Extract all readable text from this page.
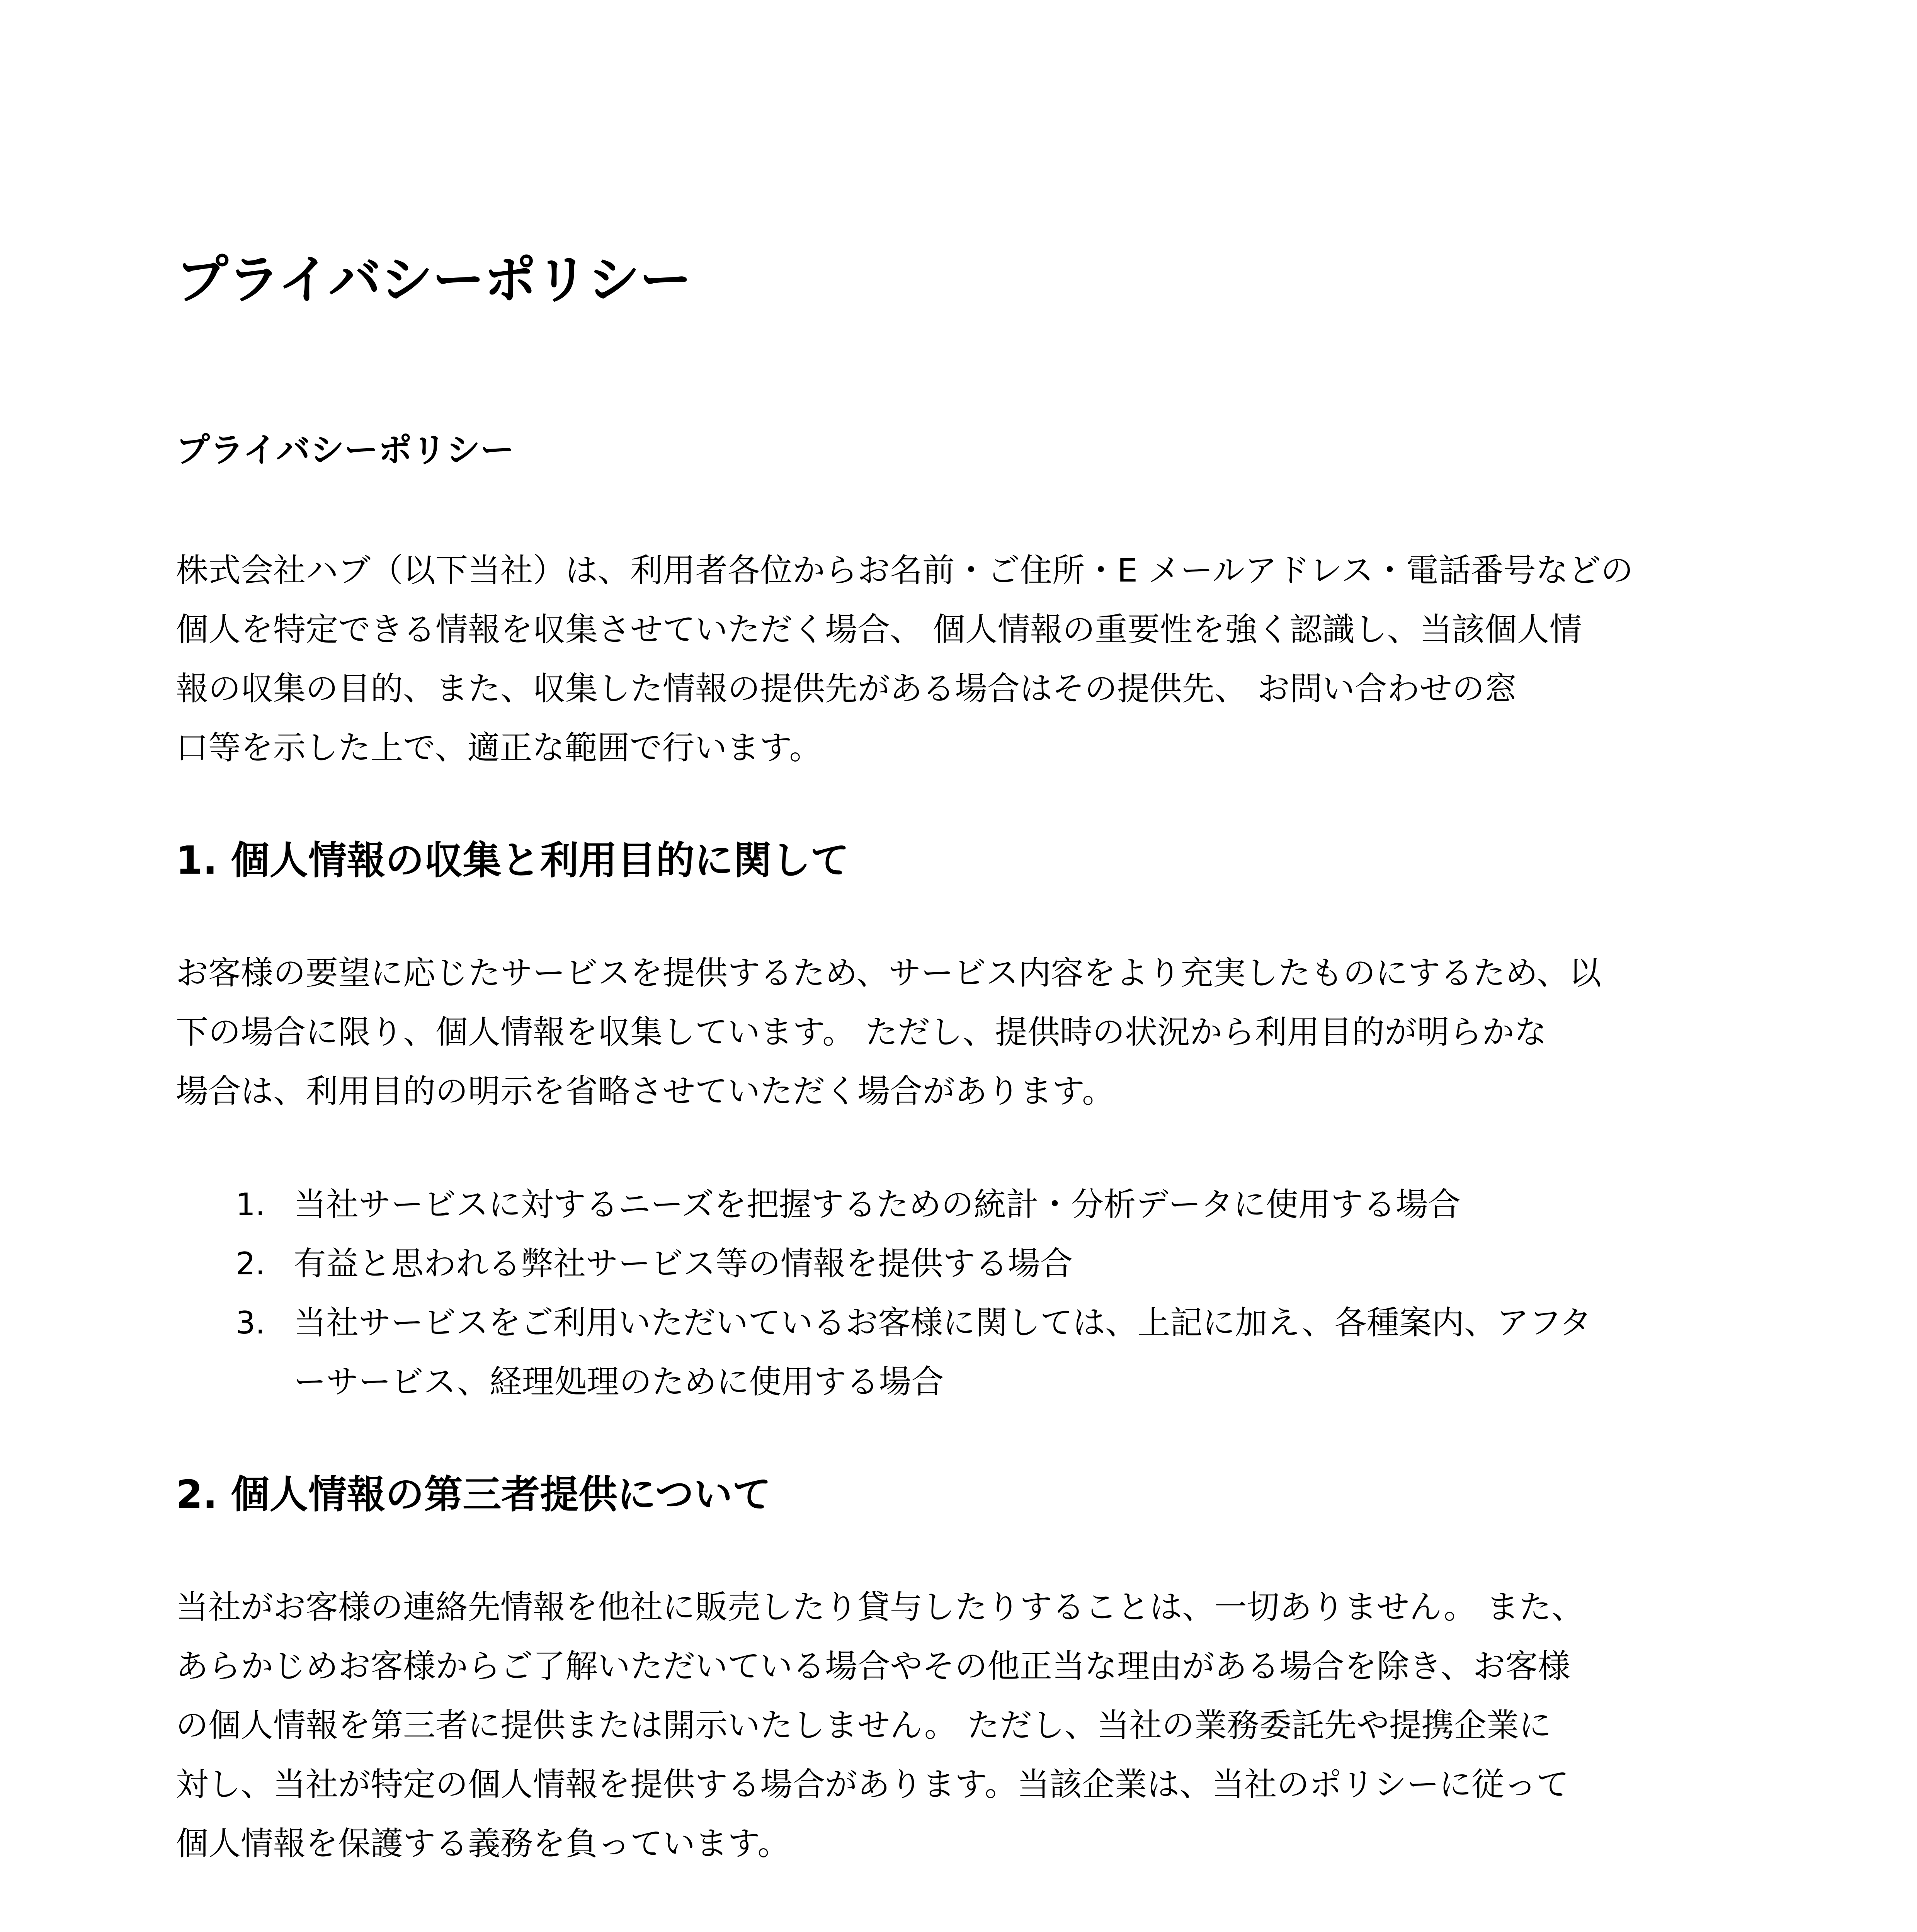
プライバシーポリシー
プライバシーポリシー

株式会社ハブ（以下当社）は、利用者各位からお名前・ご住所・E メールアドレス・電話番号などの
個人を特定できる情報を収集させていただく場合、 個人情報の重要性を強く認識し、当該個人情
報の収集の目的、また、収集した情報の提供先がある場合はその提供先、 お問い合わせの窓
口等を示した上で、適正な範囲で行います。

1. 個人情報の収集と利用目的に関して

お客様の要望に応じたサービスを提供するため、サービス内容をより充実したものにするため、以
下の場合に限り、個人情報を収集しています。 ただし、提供時の状況から利用目的が明らかな
場合は、利用目的の明示を省略させていただく場合があります。

1. 当社サービスに対するニーズを把握するための統計・分析データに使用する場合
2. 有益と思われる弊社サービス等の情報を提供する場合
3. 当社サービスをご利用いただいているお客様に関しては、上記に加え、各種案内、アフタ
ーサービス、経理処理のために使用する場合
2. 個人情報の第三者提供について

当社がお客様の連絡先情報を他社に販売したり貸与したりすることは、一切ありません。 また、
あらかじめお客様からご了解いただいている場合やその他正当な理由がある場合を除き、お客様
の個人情報を第三者に提供または開示いたしません。 ただし、当社の業務委託先や提携企業に
対し、当社が特定の個人情報を提供する場合があります。当該企業は、当社のポリシーに従って
個人情報を保護する義務を負っています。
